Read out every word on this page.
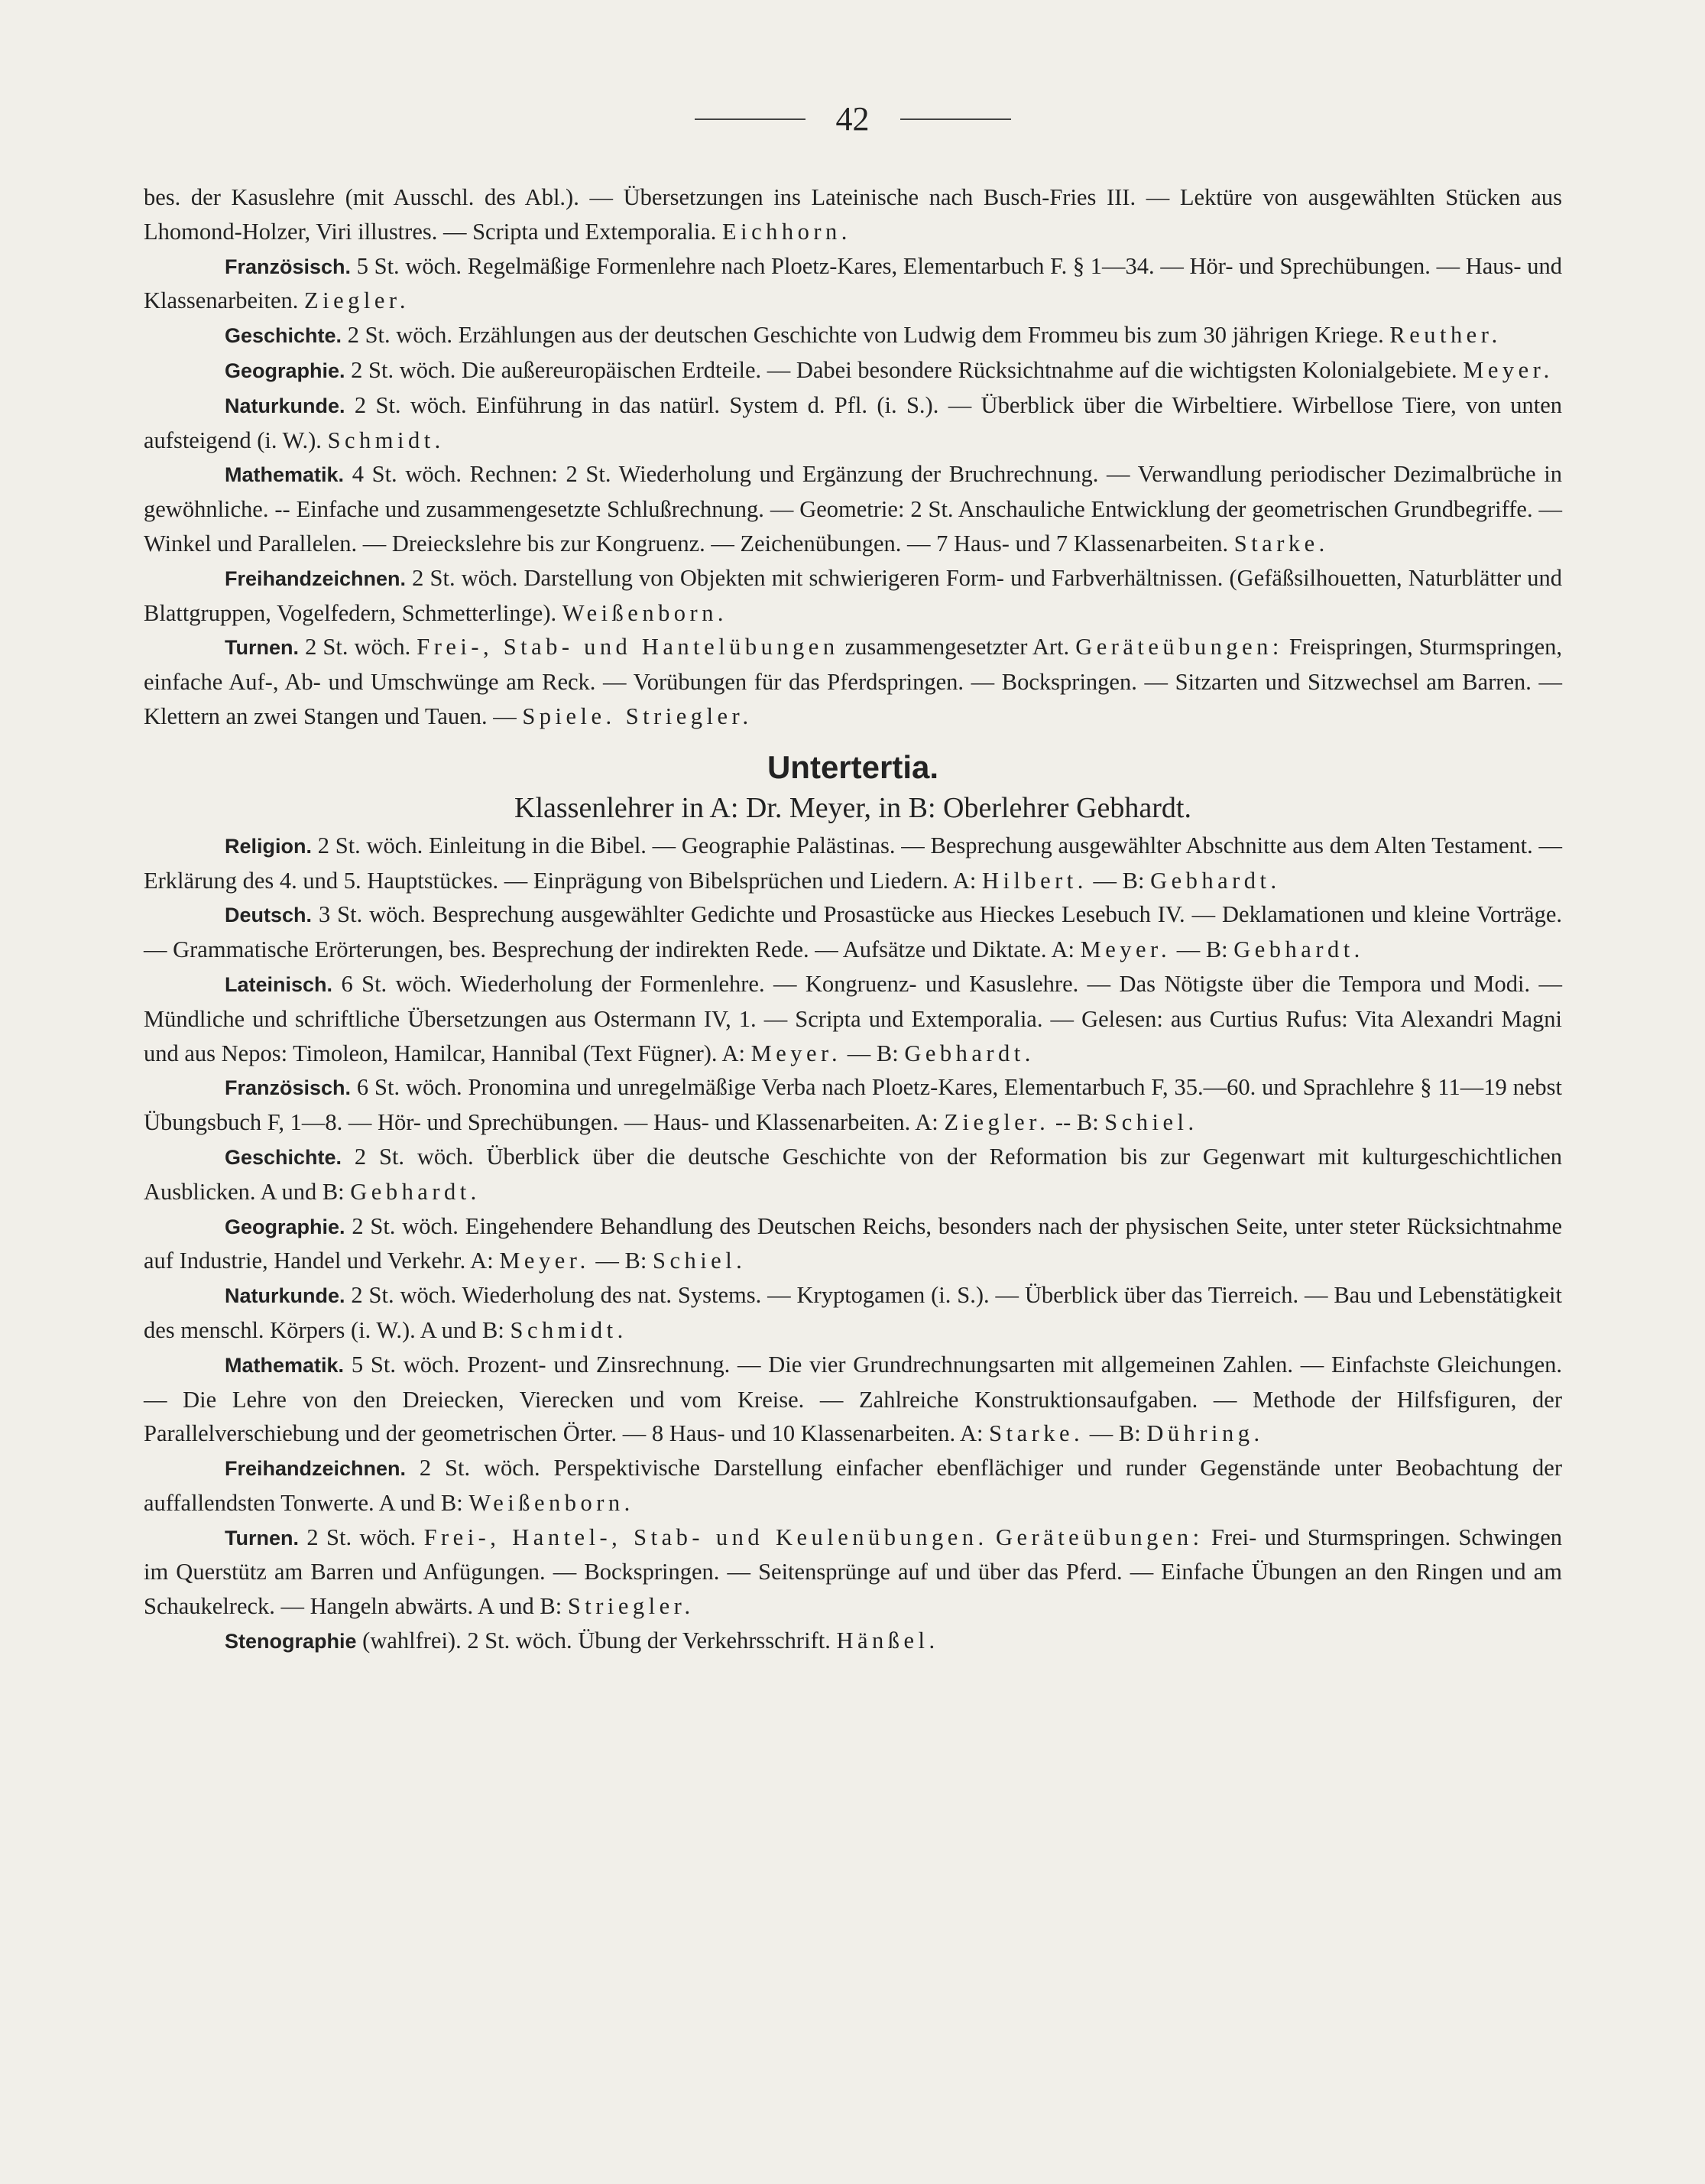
42

bes. der Kasuslehre (mit Ausschl. des Abl.). — Übersetzungen ins Lateinische nach Busch-Fries III. — Lektüre von ausgewählten Stücken aus Lhomond-Holzer, Viri illustres. — Scripta und Extemporalia. Eichhorn.

Französisch. 5 St. wöch. Regelmäßige Formenlehre nach Ploetz-Kares, Elementarbuch F. § 1—34. — Hör- und Sprechübungen. — Haus- und Klassenarbeiten. Ziegler.

Geschichte. 2 St. wöch. Erzählungen aus der deutschen Geschichte von Ludwig dem Frommeu bis zum 30 jährigen Kriege. Reuther.

Geographie. 2 St. wöch. Die außereuropäischen Erdteile. — Dabei besondere Rücksichtnahme auf die wichtigsten Kolonialgebiete. Meyer.

Naturkunde. 2 St. wöch. Einführung in das natürl. System d. Pfl. (i. S.). — Überblick über die Wirbeltiere. Wirbellose Tiere, von unten aufsteigend (i. W.). Schmidt.

Mathematik. 4 St. wöch. Rechnen: 2 St. Wiederholung und Ergänzung der Bruchrechnung. — Verwandlung periodischer Dezimalbrüche in gewöhnliche. -- Einfache und zusammengesetzte Schlußrechnung. — Geometrie: 2 St. Anschauliche Entwicklung der geometrischen Grundbegriffe. — Winkel und Parallelen. — Dreieckslehre bis zur Kongruenz. — Zeichenübungen. — 7 Haus- und 7 Klassenarbeiten. Starke.

Freihandzeichnen. 2 St. wöch. Darstellung von Objekten mit schwierigeren Form- und Farbverhältnissen. (Gefäßsilhouetten, Naturblätter und Blattgruppen, Vogelfedern, Schmetterlinge). Weißenborn.

Turnen. 2 St. wöch. Frei-, Stab- und Hantelübungen zusammengesetzter Art. Geräteübungen: Freispringen, Sturmspringen, einfache Auf-, Ab- und Umschwünge am Reck. — Vorübungen für das Pferdspringen. — Bockspringen. — Sitzarten und Sitzwechsel am Barren. — Klettern an zwei Stangen und Tauen. — Spiele. Striegler.

Untertertia.
Klassenlehrer in A: Dr. Meyer, in B: Oberlehrer Gebhardt.

Religion. 2 St. wöch. Einleitung in die Bibel. — Geographie Palästinas. — Besprechung ausgewählter Abschnitte aus dem Alten Testament. — Erklärung des 4. und 5. Hauptstückes. — Einprägung von Bibelsprüchen und Liedern. A: Hilbert. — B: Gebhardt.

Deutsch. 3 St. wöch. Besprechung ausgewählter Gedichte und Prosastücke aus Hieckes Lesebuch IV. — Deklamationen und kleine Vorträge. — Grammatische Erörterungen, bes. Besprechung der indirekten Rede. — Aufsätze und Diktate. A: Meyer. — B: Gebhardt.

Lateinisch. 6 St. wöch. Wiederholung der Formenlehre. — Kongruenz- und Kasuslehre. — Das Nötigste über die Tempora und Modi. — Mündliche und schriftliche Übersetzungen aus Ostermann IV, 1. — Scripta und Extemporalia. — Gelesen: aus Curtius Rufus: Vita Alexandri Magni und aus Nepos: Timoleon, Hamilcar, Hannibal (Text Fügner). A: Meyer. — B: Gebhardt.

Französisch. 6 St. wöch. Pronomina und unregelmäßige Verba nach Ploetz-Kares, Elementarbuch F, 35.—60. und Sprachlehre § 11—19 nebst Übungsbuch F, 1—8. — Hör- und Sprechübungen. — Haus- und Klassenarbeiten. A: Ziegler. -- B: Schiel.

Geschichte. 2 St. wöch. Überblick über die deutsche Geschichte von der Reformation bis zur Gegenwart mit kulturgeschichtlichen Ausblicken. A und B: Gebhardt.

Geographie. 2 St. wöch. Eingehendere Behandlung des Deutschen Reichs, besonders nach der physischen Seite, unter steter Rücksichtnahme auf Industrie, Handel und Verkehr. A: Meyer. — B: Schiel.

Naturkunde. 2 St. wöch. Wiederholung des nat. Systems. — Kryptogamen (i. S.). — Überblick über das Tierreich. — Bau und Lebenstätigkeit des menschl. Körpers (i. W.). A und B: Schmidt.

Mathematik. 5 St. wöch. Prozent- und Zinsrechnung. — Die vier Grundrechnungsarten mit allgemeinen Zahlen. — Einfachste Gleichungen. — Die Lehre von den Dreiecken, Vierecken und vom Kreise. — Zahlreiche Konstruktionsaufgaben. — Methode der Hilfsfiguren, der Parallelverschiebung und der geometrischen Örter. — 8 Haus- und 10 Klassenarbeiten. A: Starke. — B: Dühring.

Freihandzeichnen. 2 St. wöch. Perspektivische Darstellung einfacher ebenflächiger und runder Gegenstände unter Beobachtung der auffallendsten Tonwerte. A und B: Weißenborn.

Turnen. 2 St. wöch. Frei-, Hantel-, Stab- und Keulenübungen. Geräteübungen: Frei- und Sturmspringen. Schwingen im Querstütz am Barren und Anfügungen. — Bockspringen. — Seitensprünge auf und über das Pferd. — Einfache Übungen an den Ringen und am Schaukelreck. — Hangeln abwärts. A und B: Striegler.

Stenographie (wahlfrei). 2 St. wöch. Übung der Verkehrsschrift. Hänßel.
